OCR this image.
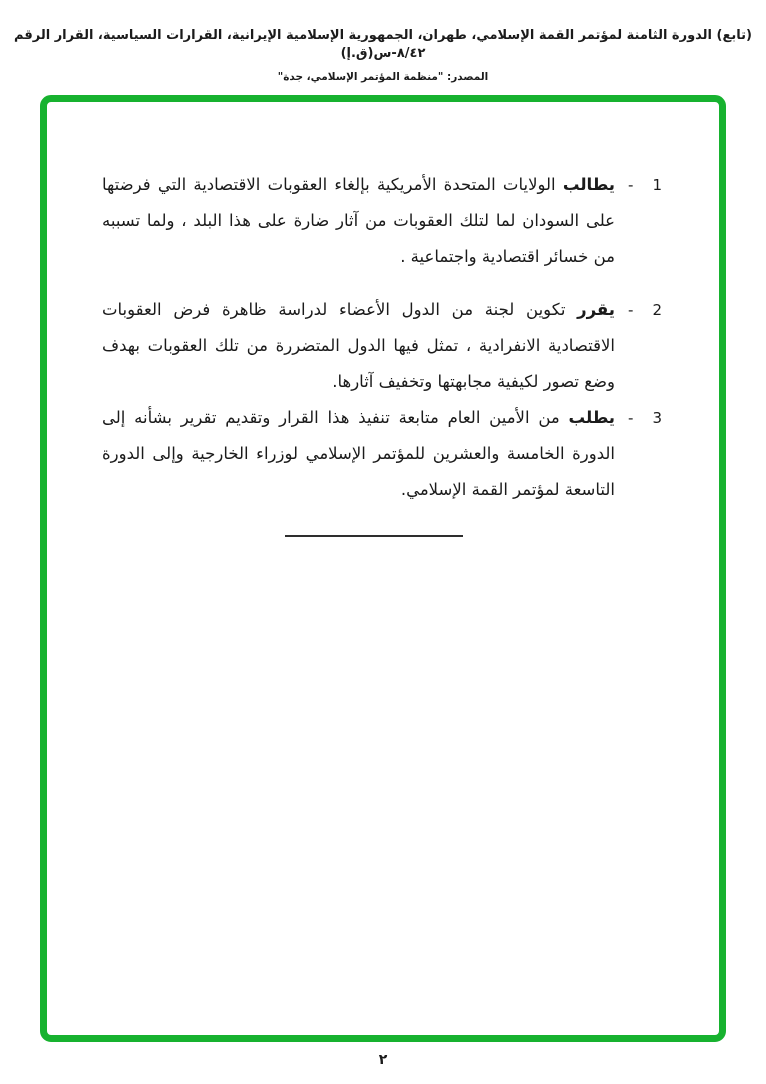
(تابع) الدورة الثامنة لمؤتمر القمة الإسلامي، طهران، الجمهورية الإسلامية الإيرانية، القرارات السياسية، القرار الرقم ٨/٤٢-س(ق.إ)
المصدر: "منظمة المؤتمر الإسلامي، جدة"
1
-

يطالب الولايات المتحدة الأمريكية بإلغاء العقوبات الاقتصادية التي فرضتها على السودان لما لتلك العقوبات من آثار ضارة على هذا البلد ، ولما تسببه من خسائر اقتصادية واجتماعية .

2
-

يقرر تكوين لجنة من الدول الأعضاء لدراسة ظاهرة فرض العقوبات الاقتصادية الانفرادية ، تمثل فيها الدول المتضررة من تلك العقوبات بهدف وضع تصور لكيفية مجابهتها وتخفيف آثارها.

3
-

يطلب من الأمين العام متابعة تنفيذ هذا القرار وتقديم تقرير بشأنه إلى الدورة الخامسة والعشرين للمؤتمر الإسلامي لوزراء الخارجية وإلى الدورة التاسعة لمؤتمر القمة الإسلامي.

٢
